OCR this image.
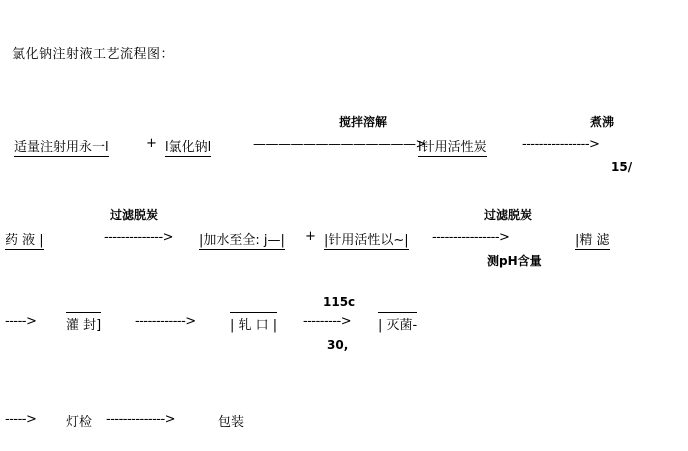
氯化钠注射液工艺流程图：
搅拌溶解	煮沸
适量注射用永一l	+ l氯化钠l	—————————————>
l针用活性炭	---------------->
15/
过滤脱炭	过滤脱炭
药 液 |	--------------> |加水至全: j—| + |针用活性以~| ---------------->	|精 滤
测pH含量
115c
-----> 灌 封]	------------>	| 轧 口 | ---------> | 灭菌-
30,
-----> 灯检 -------------->	包装
